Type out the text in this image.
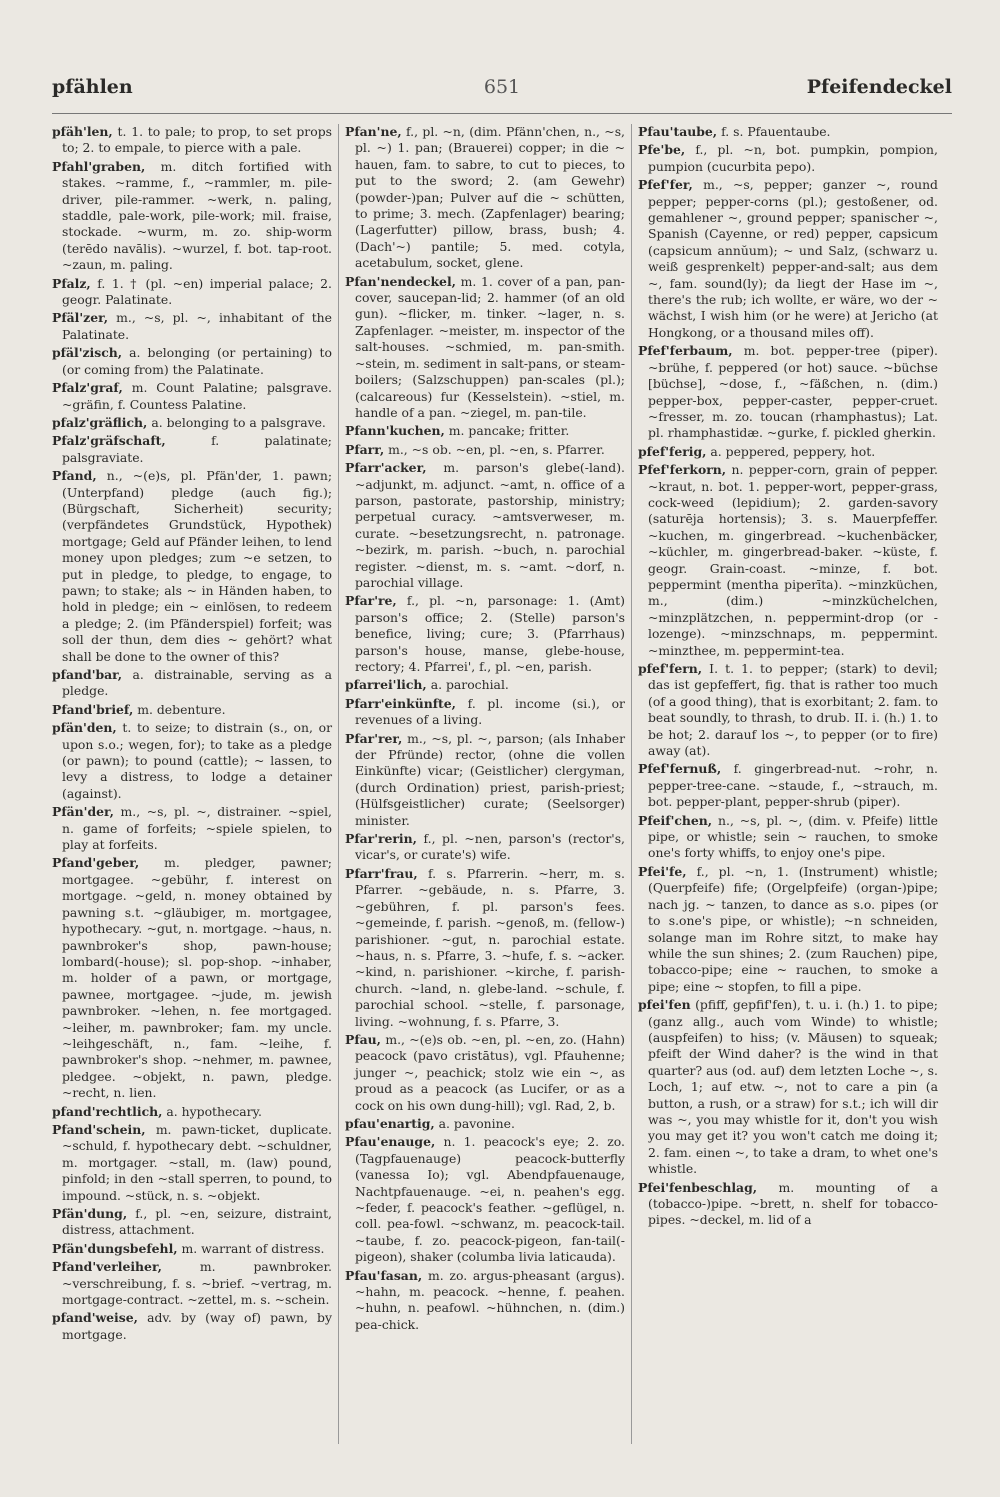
pfählen	651	Pfeifendeckel

pfäh'len, t. 1. to pale; to prop, to set props to; 2. to empale, to pierce with a pale.

Pfahl'graben, m. ditch fortified with stakes. ~ramme, f., ~rammler, m. pile-driver, pile-rammer. ~werk, n. paling, staddle, pale-work, pile-work; mil. fraise, stockade. ~wurm, m. zo. ship-worm (terēdo navālis). ~wurzel, f. bot. tap-root. ~zaun, m. paling.

Pfalz, f. 1. † (pl. ~en) imperial palace; 2. geogr. Palatinate.

Pfäl'zer, m., ~s, pl. ~, inhabitant of the Palatinate.

pfäl'zisch, a. belonging (or pertaining) to (or coming from) the Palatinate.

Pfalz'graf, m. Count Palatine; palsgrave. ~gräfin, f. Countess Palatine.

pfalz'gräflich, a. belonging to a palsgrave.

Pfalz'gräfschaft,	f. palatinate; palsgraviate.

Pfand, n., ~(e)s, pl. Pfän'der, 1. pawn; (Unterpfand) pledge (auch fig.); (Bürgschaft, Sicherheit) security; (verpfändetes Grundstück, Hypothek) mortgage; Geld auf Pfänder leihen, to lend money upon pledges; zum ~e setzen, to put in pledge, to pledge, to engage, to pawn; to stake; als ~ in Händen haben, to hold in pledge; ein ~ einlösen, to redeem a pledge; 2. (im Pfänderspiel) forfeit; was soll der thun, dem dies ~ gehört? what shall be done to the owner of this?

pfand'bar, a. distrainable, serving as a pledge.

Pfand'brief, m. debenture.

pfän'den, t. to seize; to distrain (s., on, or upon s.o.; wegen, for); to take as a pledge (or pawn); to pound (cattle); ~ lassen, to levy a distress, to lodge a detainer (against).

Pfän'der, m., ~s, pl. ~, distrainer. ~spiel, n. game of forfeits; ~spiele spielen, to play at forfeits.

Pfand'geber, m. pledger, pawner; mortgagee. ~gebühr, f. interest on mortgage. ~geld, n. money obtained by pawning s.t. ~gläubiger, m. mortgagee, hypothecary. ~gut, n. mortgage. ~haus, n. pawnbroker's shop, pawn-house; lombard(-house); sl. pop-shop. ~inhaber, m. holder of a pawn, or mortgage, pawnee, mortgagee. ~jude, m. jewish pawnbroker. ~lehen, n. fee mortgaged. ~leiher, m. pawnbroker; fam. my uncle. ~leihgeschäft, n., fam. ~leihe, f. pawnbroker's shop. ~nehmer, m. pawnee, pledgee. ~objekt, n. pawn, pledge. ~recht, n. lien.

pfand'rechtlich, a. hypothecary.

Pfand'schein, m. pawn-ticket, duplicate. ~schuld, f. hypothecary debt. ~schuldner, m. mortgager. ~stall, m. (law) pound, pinfold; in den ~stall sperren, to pound, to impound. ~stück, n. s. ~objekt.

Pfän'dung, f., pl. ~en, seizure, distraint, distress, attachment.

Pfän'dungsbefehl, m. warrant of distress.

Pfand'verleiher,	m. pawnbroker. ~verschreibung, f. s. ~brief. ~vertrag, m. mortgage-contract. ~zettel, m. s. ~schein.

pfand'weise, adv. by (way of) pawn, by mortgage.

Pfan'ne, f., pl. ~n, (dim. Pfänn'chen, n., ~s, pl. ~) 1. pan; (Brauerei) copper; in die ~ hauen, fam. to sabre, to cut to pieces, to put to the sword; 2. (am Gewehr) (powder-)pan; Pulver auf die ~ schütten, to prime; 3. mech. (Zapfenlager) bearing; (Lagerfutter) pillow, brass, bush; 4. (Dach'~) pantile; 5. med. cotyla, acetabulum, socket, glene.

Pfan'nendeckel, m. 1. cover of a pan, pan-cover, saucepan-lid; 2. hammer (of an old gun). ~flicker, m. tinker. ~lager, n. s. Zapfenlager. ~meister, m. inspector of the salt-houses. ~schmied, m. pan-smith. ~stein, m. sediment in salt-pans, or steam-boilers; (Salzschuppen) pan-scales (pl.); (calcareous) fur (Kesselstein). ~stiel, m. handle of a pan. ~ziegel, m. pan-tile.

Pfann'kuchen, m. pancake; fritter.

Pfarr, m., ~s ob. ~en, pl. ~en, s. Pfarrer.

Pfarr'acker, m. parson's glebe(-land). ~adjunkt, m. adjunct. ~amt, n. office of a parson, pastorate, pastorship, ministry; perpetual curacy. ~amtsverweser, m. curate. ~besetzungsrecht, n. patronage. ~bezirk, m. parish. ~buch, n. parochial register. ~dienst, m. s. ~amt. ~dorf, n. parochial village.

Pfar're, f., pl. ~n, parsonage: 1. (Amt) parson's office; 2. (Stelle) parson's benefice, living; cure; 3. (Pfarrhaus) parson's house, manse, glebe-house, rectory; 4. Pfarrei', f., pl. ~en, parish.

pfarrei'lich, a. parochial.

Pfarr'einkünfte, f. pl. income (si.), or revenues of a living.

Pfar'rer, m., ~s, pl. ~, parson; (als Inhaber der Pfründe) rector, (ohne die vollen Einkünfte) vicar; (Geistlicher) clergyman, (durch Ordination) priest, parish-priest; (Hülfsgeistlicher) curate; (Seelsorger) minister.

Pfar'rerin, f., pl. ~nen, parson's (rector's, vicar's, or curate's) wife.

Pfarr'frau, f. s. Pfarrerin. ~herr, m. s. Pfarrer. ~gebäude, n. s. Pfarre, 3. ~gebühren, f. pl. parson's fees. ~gemeinde, f. parish. ~genoß, m. (fellow-) parishioner. ~gut, n. parochial estate. ~haus, n. s. Pfarre, 3. ~hufe, f. s. ~acker. ~kind, n. parishioner. ~kirche, f. parish-church. ~land, n. glebe-land. ~schule, f. parochial school. ~stelle, f. parsonage, living. ~wohnung, f. s. Pfarre, 3.

Pfau, m., ~(e)s ob. ~en, pl. ~en, zo. (Hahn) peacock (pavo cristātus), vgl. Pfauhenne; junger ~, peachick; stolz wie ein ~, as proud as a peacock (as Lucifer, or as a cock on his own dung-hill); vgl. Rad, 2, b.

pfau'enartig, a. pavonine.

Pfau'enauge, n. 1. peacock's eye; 2. zo. (Tagpfauenauge) peacock-butterfly (vanessa Io); vgl. Abendpfauenauge, Nachtpfauenauge. ~ei, n. peahen's egg. ~feder, f. peacock's feather. ~geflügel, n. coll. pea-fowl. ~schwanz, m. peacock-tail. ~taube, f. zo. peacock-pigeon, fan-tail(-pigeon), shaker (columba livia laticauda).

Pfau'fasan, m. zo. argus-pheasant (argus). ~hahn, m. peacock. ~henne, f. peahen. ~huhn, n. peafowl. ~hühnchen, n. (dim.) pea-chick.

Pfau'taube, f. s. Pfauentaube.

Pfe'be, f., pl. ~n, bot. pumpkin, pompion, pumpion (cucurbita pepo).

Pfef'fer, m., ~s, pepper; ganzer ~, round pepper; pepper-corns (pl.); gestoßener, od. gemahlener ~, ground pepper; spanischer ~, Spanish (Cayenne, or red) pepper, capsicum (capsicum annŭum); ~ und Salz, (schwarz u. weiß gesprenkelt) pepper-and-salt; aus dem ~, fam. sound(ly); da liegt der Hase im ~, there's the rub; ich wollte, er wäre, wo der ~ wächst, I wish him (or he were) at Jericho (at Hongkong, or a thousand miles off).

Pfef'ferbaum, m. bot. pepper-tree (piper). ~brühe, f. peppered (or hot) sauce. ~büchse [büchse], ~dose, f., ~fäßchen, n. (dim.) pepper-box, pepper-caster, pepper-cruet. ~fresser, m. zo. toucan (rhamphastus); Lat. pl. rhamphastidæ. ~gurke, f. pickled gherkin.

pfef'ferig, a. peppered, peppery, hot.

Pfef'ferkorn, n. pepper-corn, grain of pepper. ~kraut, n. bot. 1. pepper-wort, pepper-grass, cock-weed (lepidium); 2. garden-savory (saturēja hortensis); 3. s. Mauerpfeffer. ~kuchen, m. gingerbread. ~kuchenbäcker, ~küchler, m. gingerbread-baker. ~küste, f. geogr. Grain-coast. ~minze, f. bot. peppermint (mentha piperīta). ~minzküchen, m., (dim.) ~minzküchelchen, ~minzplätzchen, n. peppermint-drop (or -lozenge). ~minzschnaps, m. peppermint. ~minzthee, m. peppermint-tea.

pfef'fern, I. t. 1. to pepper; (stark) to devil; das ist gepfeffert, fig. that is rather too much (of a good thing), that is exorbitant; 2. fam. to beat soundly, to thrash, to drub. II. i. (h.) 1. to be hot; 2. darauf los ~, to pepper (or to fire) away (at).

Pfef'fernuß, f. gingerbread-nut. ~rohr, n. pepper-tree-cane. ~staude, f., ~strauch, m. bot. pepper-plant, pepper-shrub (piper).

Pfeif'chen, n., ~s, pl. ~, (dim. v. Pfeife) little pipe, or whistle; sein ~ rauchen, to smoke one's forty whiffs, to enjoy one's pipe.

Pfei'fe, f., pl. ~n, 1. (Instrument) whistle; (Querpfeife) fife; (Orgelpfeife) (organ-)pipe; nach jg. ~ tanzen, to dance as s.o. pipes (or to s.one's pipe, or whistle); ~n schneiden, solange man im Rohre sitzt, to make hay while the sun shines; 2. (zum Rauchen) pipe, tobacco-pipe; eine ~ rauchen, to smoke a pipe; eine ~ stopfen, to fill a pipe.

pfei'fen (pfiff, gepfif'fen), t. u. i. (h.) 1. to pipe; (ganz allg., auch vom Winde) to whistle; (auspfeifen) to hiss; (v. Mäusen) to squeak; pfeift der Wind daher? is the wind in that quarter? aus (od. auf) dem letzten Loche ~, s. Loch, 1; auf etw. ~, not to care a pin (a button, a rush, or a straw) for s.t.; ich will dir was ~, you may whistle for it, don't you wish you may get it? you won't catch me doing it; 2. fam. einen ~, to take a dram, to whet one's whistle.

Pfei'fenbeschlag, m. mounting of a (tobacco-)pipe. ~brett, n. shelf for tobacco-pipes. ~deckel, m. lid of a
